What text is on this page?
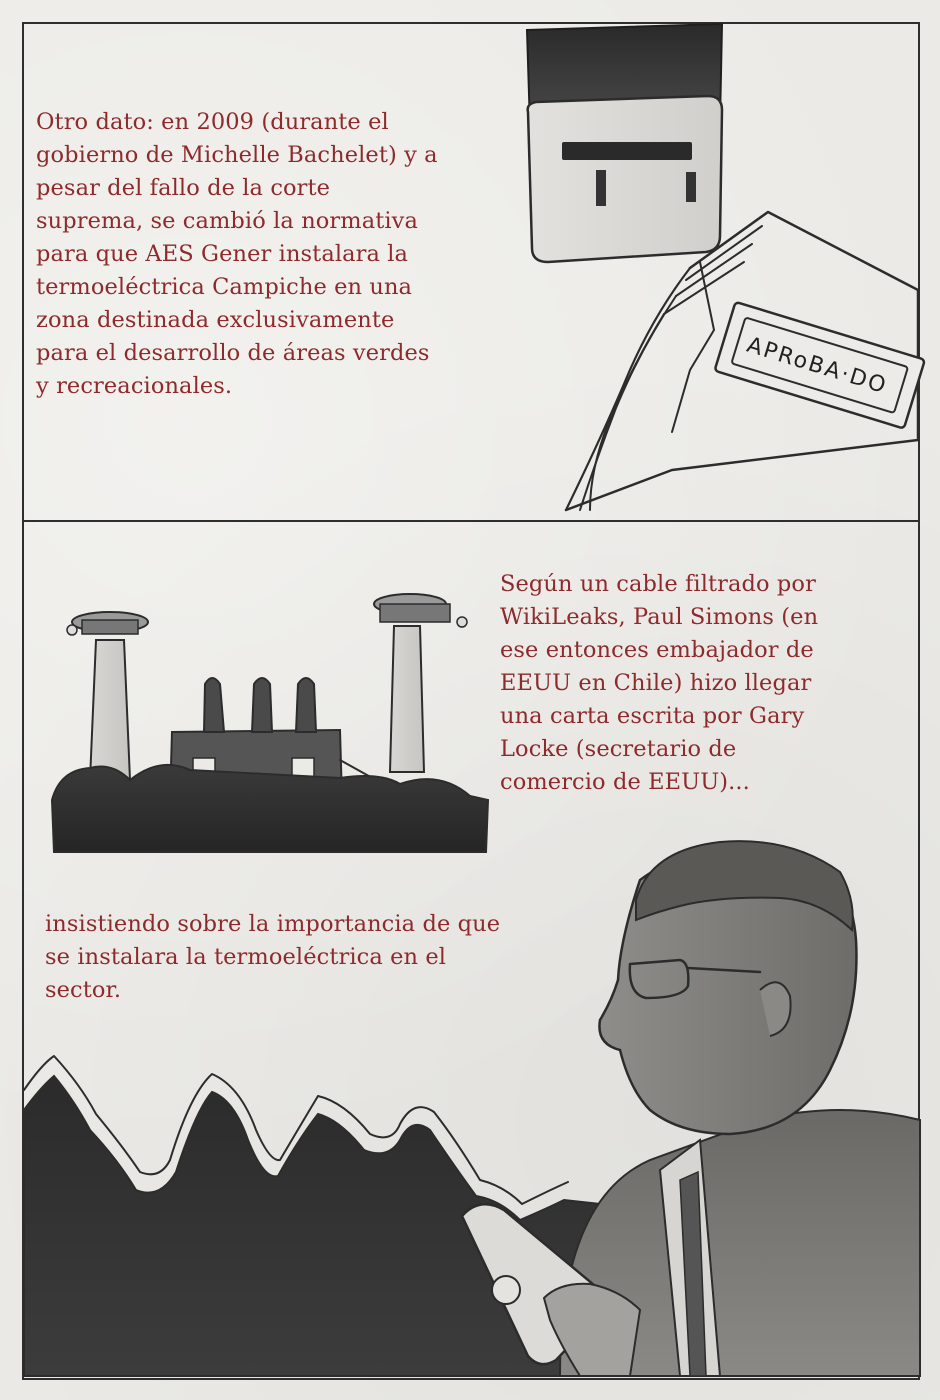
APRoBA·DO
Otro dato: en 2009 (durante el
gobierno de Michelle Bachelet) y a
pesar del fallo de la corte
suprema, se cambió la normativa
para que AES Gener instalara la
termoeléctrica Campiche en una
zona destinada exclusivamente
para el desarrollo de áreas verdes
y recreacionales.
Según un cable filtrado por
WikiLeaks, Paul Simons (en
ese entonces embajador de
EEUU en Chile) hizo llegar
una carta escrita por Gary
Locke (secretario de
comercio de EEUU)...
insistiendo sobre la importancia de que
se instalara la termoeléctrica en el
sector.
